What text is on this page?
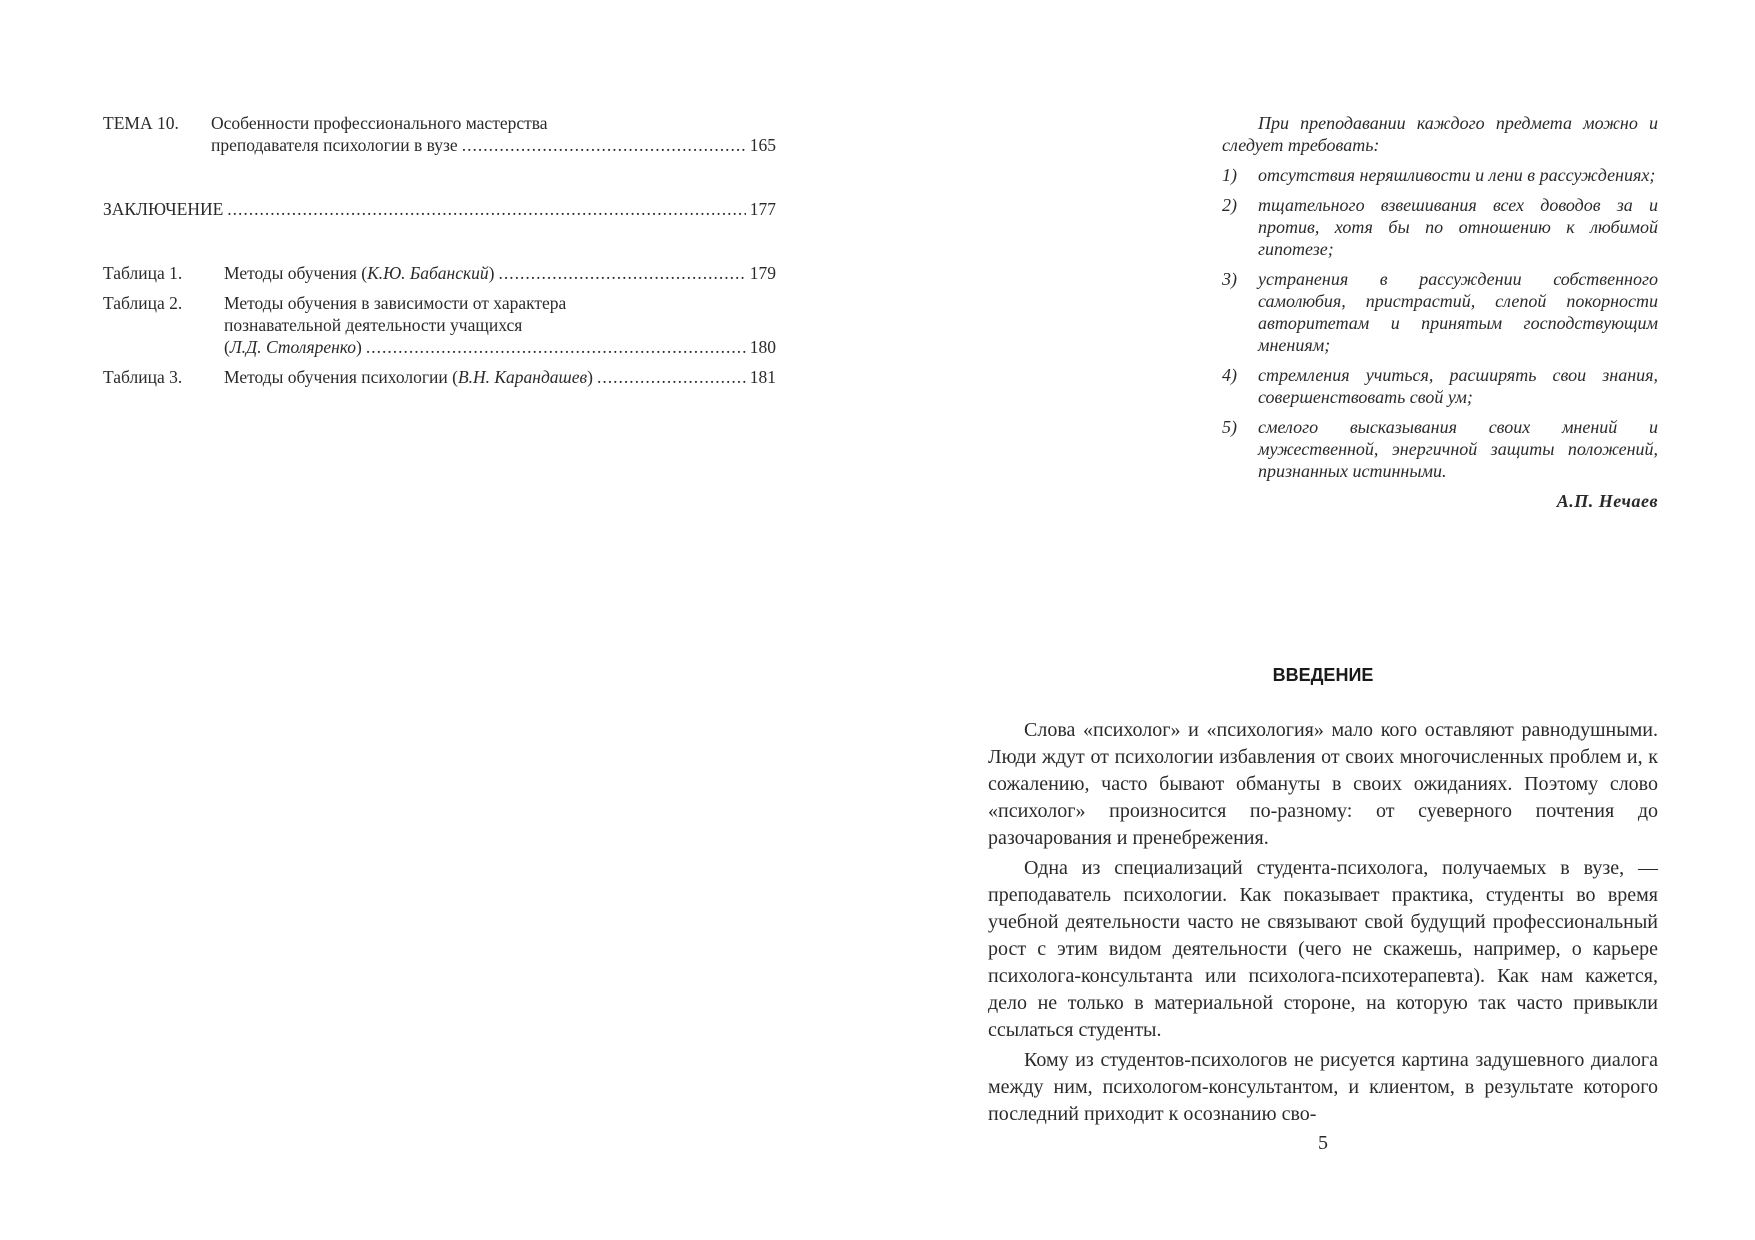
ТЕМА 10.	Особенности профессионального мастерства
преподавателя психологии в вузе .....	165
ЗАКЛЮЧЕНИЕ .....	177
Таблица 1.	Методы обучения (К.Ю. Бабанский) .....	179
Таблица 2.	Методы обучения в зависимости от характера
познавательной деятельности учащихся
(Л.Д. Столяренко) .....	180
Таблица 3.	Методы обучения психологии (В.Н. Карандашев) .....	181

При преподавании каждого предмета можно и следует требовать:

1)	отсутствия неряшливости и лени в рассуждениях;
2)	тщательного взвешивания всех доводов за и против, хотя бы по отношению к любимой гипотезе;
3)	устранения в рассуждении собственного самолюбия, пристрастий, слепой покорности авторитетам и принятым господствующим мнениям;
4)	стремления учиться, расширять свои знания, совершенствовать свой ум;
5)	смелого высказывания своих мнений и мужественной, энергичной защиты положений, признанных истинными.
А.П. Нечаев
ВВЕДЕНИЕ

Слова «психолог» и «психология» мало кого оставляют равнодушными. Люди ждут от психологии избавления от своих многочисленных проблем и, к сожалению, часто бывают обмануты в своих ожиданиях. Поэтому слово «психолог» произносится по-разному: от суеверного почтения до разочарования и пренебрежения.

Одна из специализаций студента-психолога, получаемых в вузе, — преподаватель психологии. Как показывает практика, студенты во время учебной деятельности часто не связывают свой будущий профессиональный рост с этим видом деятельности (чего не скажешь, например, о карьере психолога-консультанта или психолога-психотерапевта). Как нам кажется, дело не только в материальной стороне, на которую так часто привыкли ссылаться студенты.

Кому из студентов-психологов не рисуется картина задушевного диалога между ним, психологом-консультантом, и клиентом, в результате которого последний приходит к осознанию сво-

5
